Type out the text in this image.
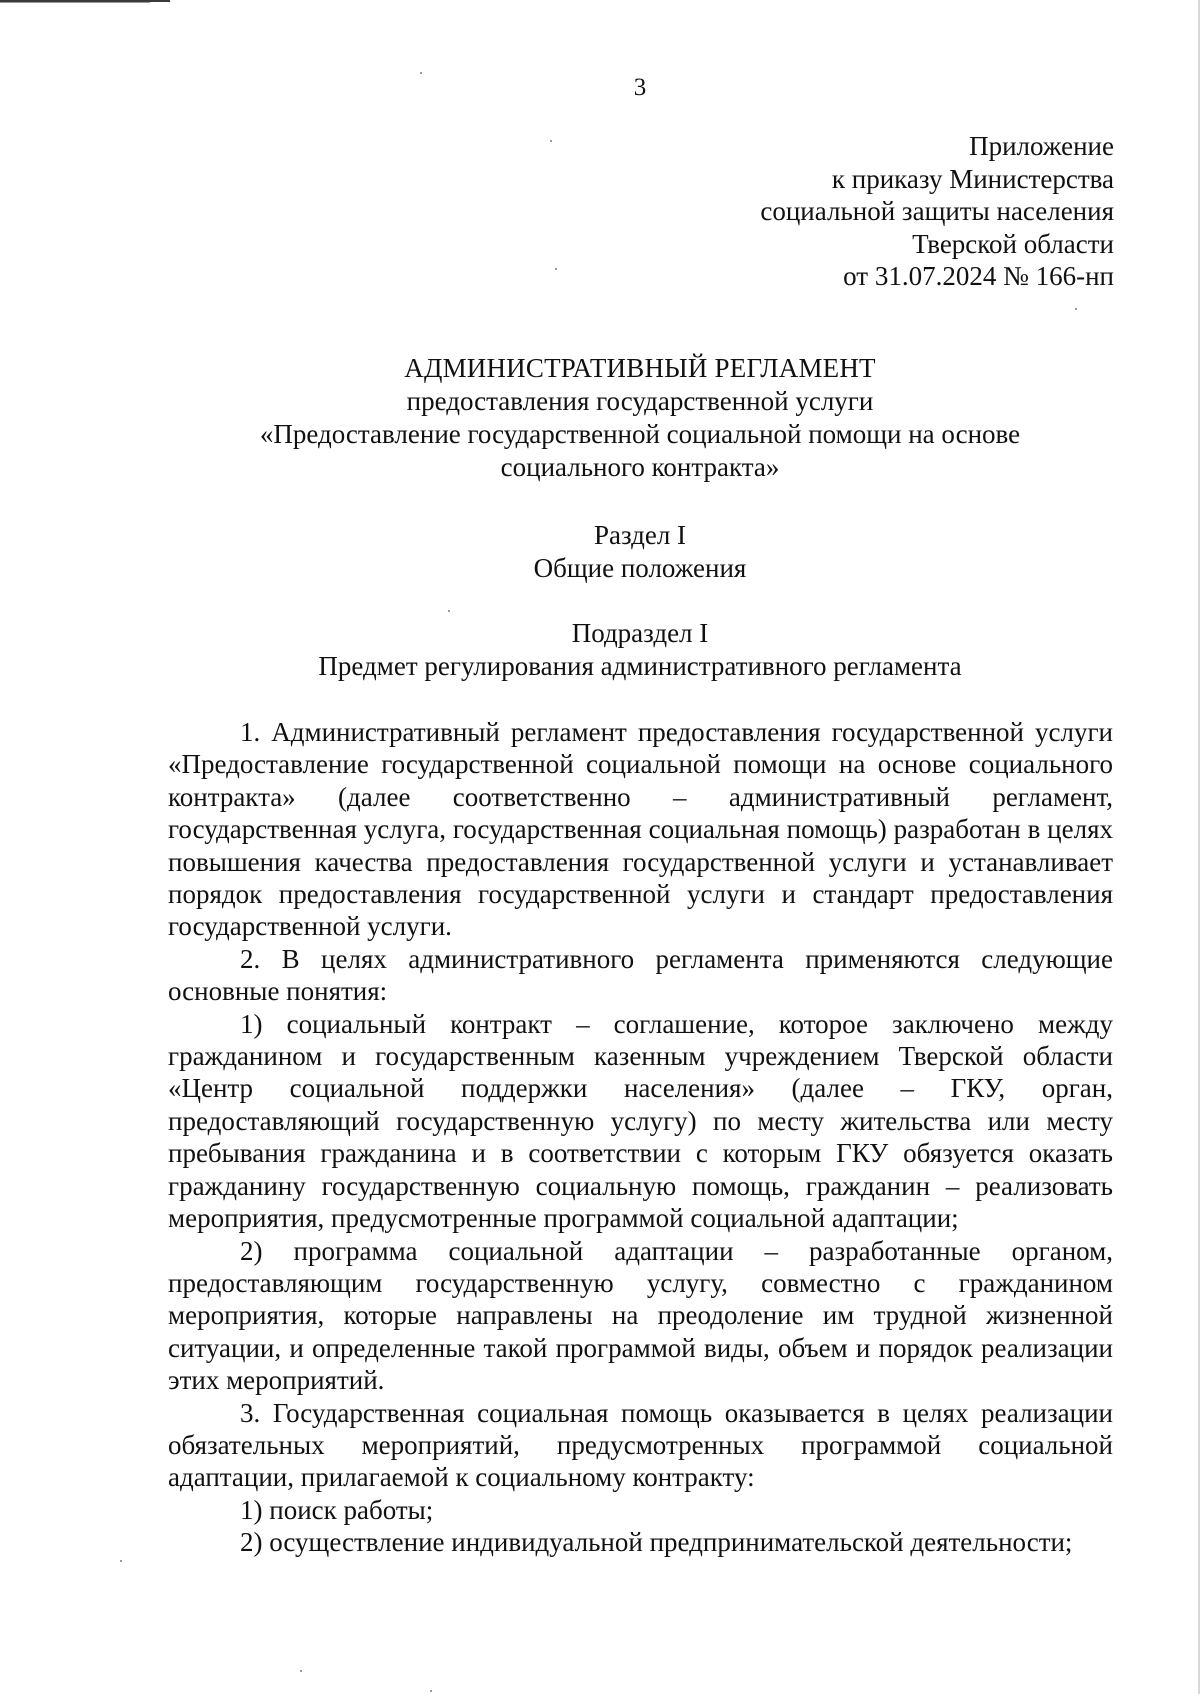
3
Приложение
к приказу Министерства
социальной защиты населения
Тверской области
от 31.07.2024 № 166-нп
АДМИНИСТРАТИВНЫЙ РЕГЛАМЕНТ
предоставления государственной услуги
«Предоставление государственной социальной помощи на основе
социального контракта»
Раздел I
Общие положения
Подраздел I
Предмет регулирования административного регламента

1. Административный регламент предоставления государственной услуги «Предоставление государственной социальной помощи на основе социального контракта» (далее соответственно – административный регламент, государственная услуга, государственная социальная помощь) разработан в целях повышения качества предоставления государственной услуги и устанавливает порядок предоставления государственной услуги и стандарт предоставления государственной услуги.

2. В целях административного регламента применяются следующие основные понятия:

1) социальный контракт – соглашение, которое заключено между гражданином и государственным казенным учреждением Тверской области «Центр социальной поддержки населения» (далее – ГКУ, орган, предоставляющий государственную услугу) по месту жительства или месту пребывания гражданина и в соответствии с которым ГКУ обязуется оказать гражданину государственную социальную помощь, гражданин – реализовать мероприятия, предусмотренные программой социальной адаптации;

2) программа социальной адаптации – разработанные органом, предоставляющим государственную услугу, совместно с гражданином мероприятия, которые направлены на преодоление им трудной жизненной ситуации, и определенные такой программой виды, объем и порядок реализации этих мероприятий.

3. Государственная социальная помощь оказывается в целях реализации обязательных мероприятий, предусмотренных программой социальной адаптации, прилагаемой к социальному контракту:

1) поиск работы;

2) осуществление индивидуальной предпринимательской деятельности;
